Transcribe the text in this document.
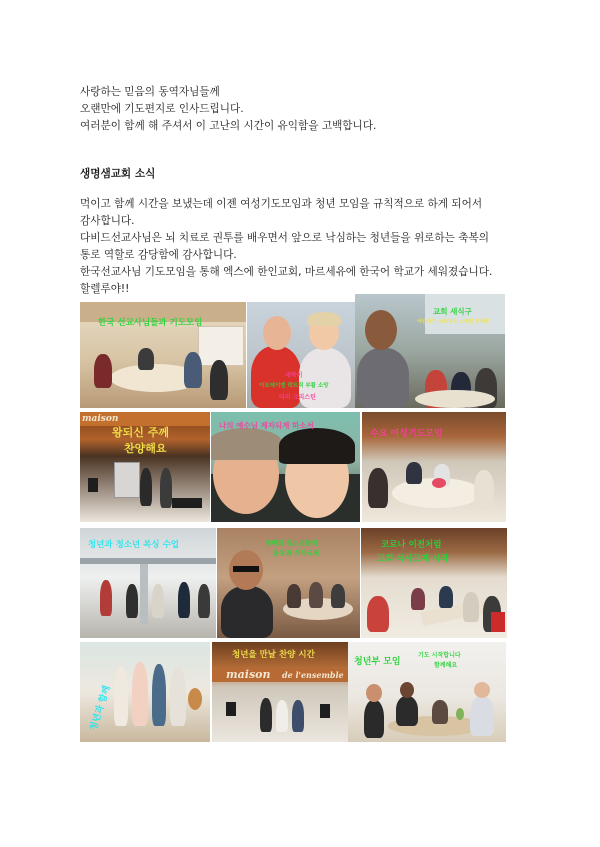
사랑하는 믿음의 동역자님들께
오랜만에 기도편지로 인사드립니다.
여러분이 함께 해 주셔서 이 고난의 시간이 유익함을 고백합니다.
생명샘교회 소식
먹이고 함께 시간을 보냈는데 이젠 여성기도모임과 청년 모임을 규칙적으로 하게 되어서
감사합니다.
다비드선교사님은 뇌 치료로 권투를 배우면서 앞으로 낙심하는 청년들을 위로하는 축복의
통로 역할로 감당함에 감사합니다.
한국선교사님 기도모임을 통해 엑스에 한인교회, 마르세유에 한국어 학교가 세워졌습니다.
할렐루야!!
한국 선교사님들과 기도모임
세락이
이트에이엔 락트릭 부활 소망
마리 크리스틴
교회 새식구
어린아인 세트지우 스페인 모레로
maison
왕되신 주께
찬양해요
나의 예수님 제자되게 하소서
수요 여성기도모임
청년과 청소년 복싱 수업	청현과 청소년들의
운동과 식사교제
코로나 이전처럼
교회 식사교제 시작
청년과 함께
maison de l'ensemble
청년을 만날 찬양 시간
청년부 모임
기도 시작합니다
함께해요
